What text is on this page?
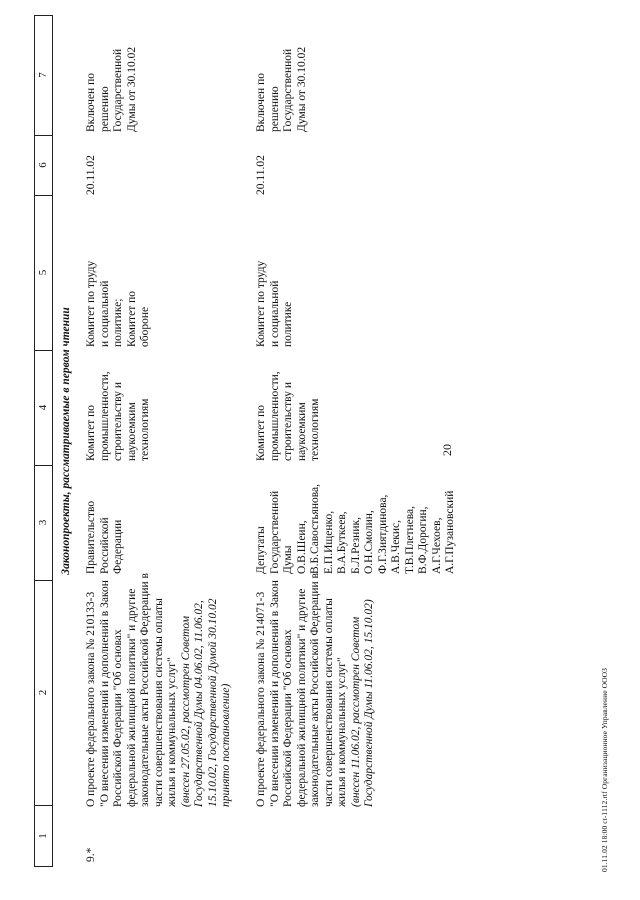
20
1
2
3
4
5
6
7
Законопроекты, рассматриваемые в первом чтении
9.*
О проекте федерального закона № 210133-3 "О внесении изменений и дополнений в Закон Российской Федерации "Об основах федеральной жилищной политики" и другие законодательные акты Российской Федерации в части совершенствования системы оплаты жилья и коммунальных услуг" (внесен 27.05.02, рассмотрен Советом Государственной Думы 04.06.02, 11.06.02, 15.10.02, Государственной Думой 30.10.02 принято постановление)
Правительство Российской Федерации
Комитет по промышленности, строительству и наукоемким технологиям
Комитет по труду и социальной политике; Комитет по обороне
20.11.02
Включен по решению Государственной Думы от 30.10.02
О проекте федерального закона № 214071-3 "О внесении изменений и дополнений в Закон Российской Федерации "Об основах федеральной жилищной политики" и другие законодательные акты Российской Федерации в части совершенствования системы оплаты жилья и коммунальных услуг" (внесен 11.06.02, рассмотрен Советом Государственной Думы 11.06.02, 15.10.02)
Депутаты Государственной Думы О.В.Шеин, В.Б.Савостьянова, Е.П.Ищенко, В.А.Буткеев, Б.Л.Резник, О.Н.Смолин, Ф.Г.Зиятдинова, А.В.Чекис, Т.В.Плетнева, В.Ф.Дорогин, А.Г.Чехоев, А.Г.Пузановский
Комитет по промышленности, строительству и наукоемким технологиям
Комитет по труду и социальной политике
20.11.02
Включен по решению Государственной Думы от 30.10.02
01.11.02 18:00 ct-1112.rtf Организационное Управление ООО3
